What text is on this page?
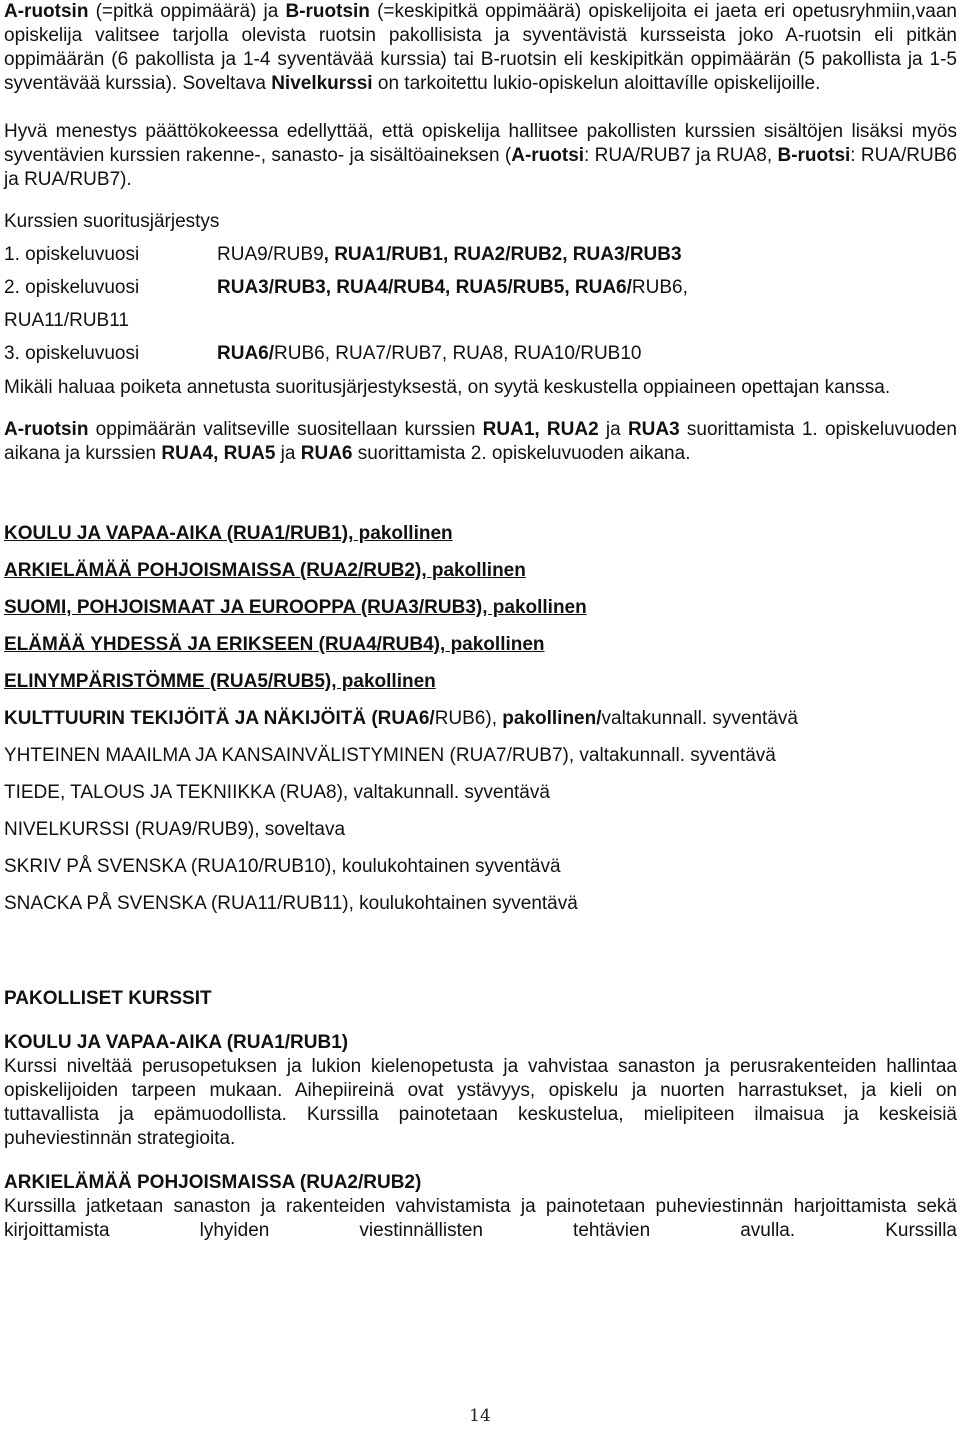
A-ruotsin (=pitkä oppimäärä) ja B-ruotsin (=keskipitkä oppimäärä) opiskelijoita ei jaeta eri opetusryhmiin,vaan opiskelija valitsee tarjolla olevista ruotsin pakollisista ja syventävistä kursseista joko A-ruotsin eli pitkän oppimäärän (6 pakollista ja 1-4 syventävää kurssia) tai B-ruotsin eli keskipitkän oppimäärän (5 pakollista ja 1-5 syventävää kurssia). Soveltava Nivelkurssi on tarkoitettu lukio-opiskelun aloittavílle opiskelijoille.

Hyvä menestys päättökokeessa edellyttää, että opiskelija hallitsee pakollisten kurssien sisältöjen lisäksi myös syventävien kurssien rakenne-, sanasto- ja sisältöaineksen (A-ruotsi: RUA/RUB7 ja RUA8, B-ruotsi: RUA/RUB6 ja RUA/RUB7).

Kurssien suoritusjärjestys

1. opiskeluvuosi	RUA9/RUB9, RUA1/RUB1, RUA2/RUB2, RUA3/RUB3
2. opiskeluvuosi	RUA3/RUB3, RUA4/RUB4, RUA5/RUB5, RUA6/RUB6,
RUA11/RUB11
3. opiskeluvuosi	RUA6/RUB6, RUA7/RUB7, RUA8, RUA10/RUB10

Mikäli haluaa poiketa annetusta suoritusjärjestyksestä, on syytä keskustella oppiaineen opettajan kanssa.

A-ruotsin oppimäärän valitseville suositellaan kurssien RUA1, RUA2 ja RUA3 suorittamista 1. opiskeluvuoden aikana ja kurssien RUA4, RUA5 ja RUA6 suorittamista 2. opiskeluvuoden aikana.

KOULU JA VAPAA-AIKA (RUA1/RUB1), pakollinen

ARKIELÄMÄÄ POHJOISMAISSA (RUA2/RUB2), pakollinen

SUOMI, POHJOISMAAT JA EUROOPPA (RUA3/RUB3), pakollinen

ELÄMÄÄ YHDESSÄ JA ERIKSEEN (RUA4/RUB4), pakollinen

ELINYMPÄRISTÖMME (RUA5/RUB5), pakollinen

KULTTUURIN TEKIJÖITÄ JA NÄKIJÖITÄ (RUA6/RUB6), pakollinen/valtakunnall. syventävä

YHTEINEN MAAILMA JA KANSAINVÄLISTYMINEN (RUA7/RUB7), valtakunnall. syventävä

TIEDE, TALOUS JA TEKNIIKKA (RUA8), valtakunnall. syventävä

NIVELKURSSI (RUA9/RUB9), soveltava

SKRIV PÅ SVENSKA (RUA10/RUB10), koulukohtainen syventävä

SNACKA PÅ SVENSKA (RUA11/RUB11), koulukohtainen syventävä

PAKOLLISET KURSSIT

KOULU JA VAPAA-AIKA (RUA1/RUB1)

Kurssi niveltää perusopetuksen ja lukion kielenopetusta ja vahvistaa sanaston ja perusrakenteiden hallintaa opiskelijoiden tarpeen mukaan. Aihepiireinä ovat ystävyys, opiskelu ja nuorten harrastukset, ja kieli on tuttavallista ja epämuodollista. Kurssilla painotetaan keskustelua, mielipiteen ilmaisua ja keskeisiä puheviestinnän strategioita.

ARKIELÄMÄÄ POHJOISMAISSA (RUA2/RUB2)

Kurssilla jatketaan sanaston ja rakenteiden vahvistamista ja painotetaan puheviestinnän harjoittamista sekä kirjoittamista lyhyiden viestinnällisten tehtävien avulla. Kurssilla

14
